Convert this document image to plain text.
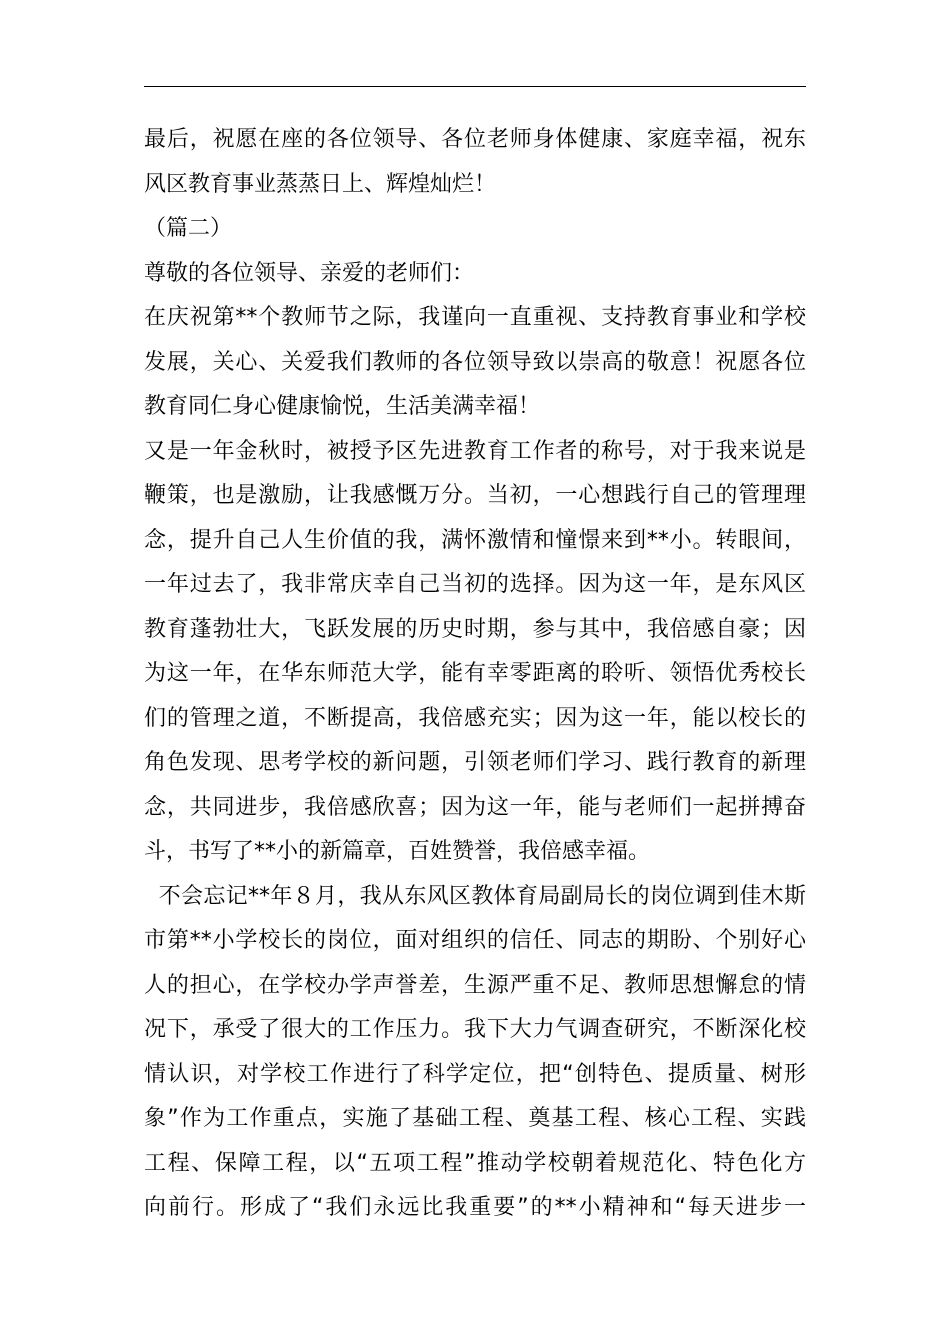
最后，祝愿在座的各位领导、各位老师身体健康、家庭幸福，祝东
风区教育事业蒸蒸日上、辉煌灿烂！
（篇二）
尊敬的各位领导、亲爱的老师们：
在庆祝第**个教师节之际，我谨向一直重视、支持教育事业和学校
发展，关心、关爱我们教师的各位领导致以崇高的敬意！祝愿各位
教育同仁身心健康愉悦，生活美满幸福！
又是一年金秋时，被授予区先进教育工作者的称号，对于我来说是
鞭策，也是激励，让我感慨万分。当初，一心想践行自己的管理理
念，提升自己人生价值的我，满怀激情和憧憬来到**小。转眼间，
一年过去了，我非常庆幸自己当初的选择。因为这一年，是东风区
教育蓬勃壮大，飞跃发展的历史时期，参与其中，我倍感自豪；因
为这一年，在华东师范大学，能有幸零距离的聆听、领悟优秀校长
们的管理之道，不断提高，我倍感充实；因为这一年，能以校长的
角色发现、思考学校的新问题，引领老师们学习、践行教育的新理
念，共同进步，我倍感欣喜；因为这一年，能与老师们一起拼搏奋
斗，书写了**小的新篇章，百姓赞誉，我倍感幸福。
不会忘记**年８月，我从东风区教体育局副局长的岗位调到佳木斯
市第**小学校长的岗位，面对组织的信任、同志的期盼、个别好心
人的担心，在学校办学声誉差，生源严重不足、教师思想懈怠的情
况下，承受了很大的工作压力。我下大力气调查研究，不断深化校
情认识，对学校工作进行了科学定位，把“创特色、提质量、树形
象”作为工作重点，实施了基础工程、奠基工程、核心工程、实践
工程、保障工程，以“五项工程”推动学校朝着规范化、特色化方
向前行。形成了“我们永远比我重要”的**小精神和“每天进步一
